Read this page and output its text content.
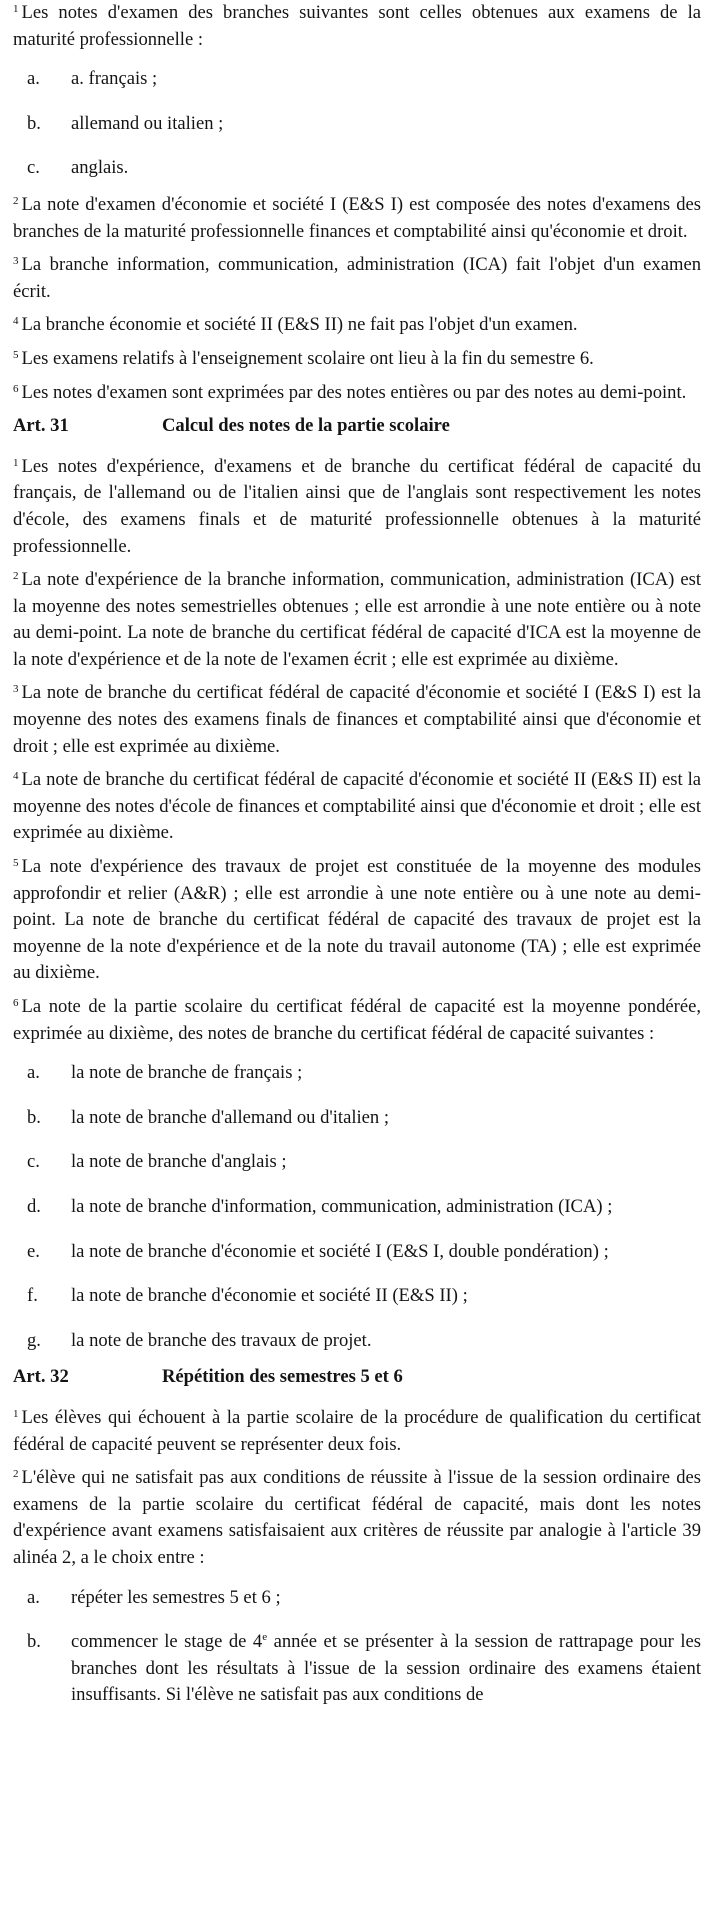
$^1$ Les notes d'examen des branches suivantes sont celles obtenues aux examens de la maturité professionnelle :

a.	a. français ;
b.	allemand ou italien ;
c.	anglais.

$^2$ La note d'examen d'économie et société I (E&S I) est composée des notes d'examens des branches de la maturité professionnelle finances et comptabilité ainsi qu'économie et droit.

$^3$ La branche information, communication, administration (ICA) fait l'objet d'un examen écrit.

$^4$ La branche économie et société II (E&S II) ne fait pas l'objet d'un examen.

$^5$ Les examens relatifs à l'enseignement scolaire ont lieu à la fin du semestre 6.

$^6$ Les notes d'examen sont exprimées par des notes entières ou par des notes au demi-point.

Art. 31	Calcul des notes de la partie scolaire

$^1$ Les notes d'expérience, d'examens et de branche du certificat fédéral de capacité du français, de l'allemand ou de l'italien ainsi que de l'anglais sont respectivement les notes d'école, des examens finals et de maturité professionnelle obtenues à la maturité professionnelle.

$^2$ La note d'expérience de la branche information, communication, administration (ICA) est la moyenne des notes semestrielles obtenues ; elle est arrondie à une note entière ou à note au demi-point. La note de branche du certificat fédéral de capacité d'ICA est la moyenne de la note d'expérience et de la note de l'examen écrit ; elle est exprimée au dixième.

$^3$ La note de branche du certificat fédéral de capacité d'économie et société I (E&S I) est la moyenne des notes des examens finals de finances et comptabilité ainsi que d'économie et droit ; elle est exprimée au dixième.

$^4$ La note de branche du certificat fédéral de capacité d'économie et société II (E&S II) est la moyenne des notes d'école de finances et comptabilité ainsi que d'économie et droit ; elle est exprimée au dixième.

$^5$ La note d'expérience des travaux de projet est constituée de la moyenne des modules approfondir et relier (A&R) ; elle est arrondie à une note entière ou à une note au demi-point. La note de branche du certificat fédéral de capacité des travaux de projet est la moyenne de la note d'expérience et de la note du travail autonome (TA) ; elle est exprimée au dixième.

$^6$ La note de la partie scolaire du certificat fédéral de capacité est la moyenne pondérée, exprimée au dixième, des notes de branche du certificat fédéral de capacité suivantes :

a.	la note de branche de français ;
b.	la note de branche d'allemand ou d'italien ;
c.	la note de branche d'anglais ;
d.	la note de branche d'information, communication, administration (ICA) ;
e.	la note de branche d'économie et société I (E&S I, double pondération) ;
f.	la note de branche d'économie et société II (E&S II) ;
g.	la note de branche des travaux de projet.
Art. 32	Répétition des semestres 5 et 6

$^1$ Les élèves qui échouent à la partie scolaire de la procédure de qualification du certificat fédéral de capacité peuvent se représenter deux fois.

$^2$ L'élève qui ne satisfait pas aux conditions de réussite à l'issue de la session ordinaire des examens de la partie scolaire du certificat fédéral de capacité, mais dont les notes d'expérience avant examens satisfaisaient aux critères de réussite par analogie à l'article 39 alinéa 2, a le choix entre :

a.	répéter les semestres 5 et 6 ;
b.	commencer le stage de 4e année et se présenter à la session de rattrapage pour les branches dont les résultats à l'issue de la session ordinaire des examens étaient insuffisants. Si l'élève ne satisfait pas aux conditions de
